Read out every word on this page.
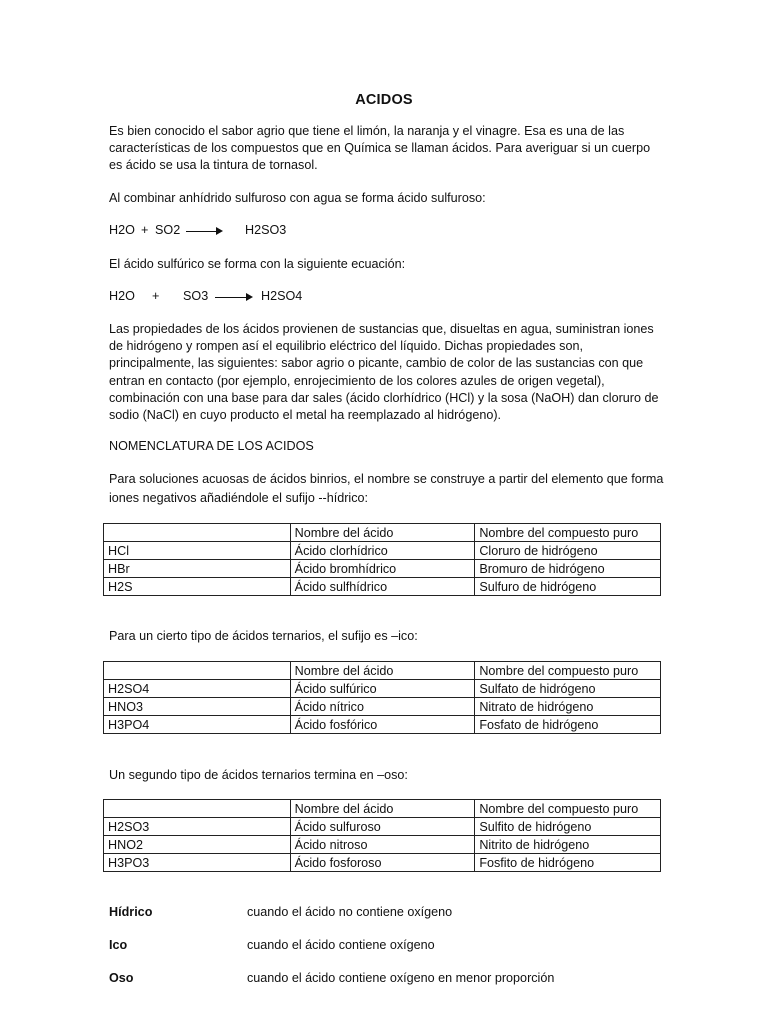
ACIDOS
Es bien conocido el sabor agrio que tiene el limón, la naranja y el vinagre. Esa es una de las características de los compuestos que en Química se llaman ácidos. Para averiguar si un cuerpo es ácido se usa la tintura de tornasol.
Al combinar anhídrido sulfuroso con agua se forma ácido sulfuroso:
H2O + SO2	H2SO3
El ácido sulfúrico se forma con la siguiente ecuación:
H2O + SO3	H2SO4
Las propiedades de los ácidos provienen de sustancias que, disueltas en agua, suministran iones de hidrógeno y rompen así el equilibrio eléctrico del líquido. Dichas propiedades son, principalmente, las siguientes: sabor agrio o picante, cambio de color de las sustancias con que entran en contacto (por ejemplo, enrojecimiento de los colores azules de origen vegetal), combinación con una base para dar sales (ácido clorhídrico (HCl) y la sosa (NaOH) dan cloruro de sodio (NaCl) en cuyo producto el metal ha reemplazado al hidrógeno).
NOMENCLATURA DE LOS ACIDOS
Para soluciones acuosas de ácidos binrios, el nombre se construye a partir del elemento que forma iones negativos añadiéndole el sufijo --hídrico:
	Nombre del ácido	Nombre del compuesto puro
HCl	Ácido clorhídrico	Cloruro de hidrógeno
HBr	Ácido bromhídrico	Bromuro de hidrógeno
H2S	Ácido sulfhídrico	Sulfuro de hidrógeno
Para un cierto tipo de ácidos ternarios, el sufijo es –ico:
	Nombre del ácido	Nombre del compuesto puro
H2SO4	Ácido sulfúrico	Sulfato de hidrógeno
HNO3	Ácido nítrico	Nitrato de hidrógeno
H3PO4	Ácido fosfórico	Fosfato de hidrógeno
Un segundo tipo de ácidos ternarios termina en –oso:
	Nombre del ácido	Nombre del compuesto puro
H2SO3	Ácido sulfuroso	Sulfito de hidrógeno
HNO2	Ácido nitroso	Nitrito de hidrógeno
H3PO3	Ácido fosforoso	Fosfito de hidrógeno
Hídrico	cuando el ácido no contiene oxígeno
Ico	cuando el ácido contiene oxígeno
Oso	cuando el ácido contiene oxígeno en menor proporción
